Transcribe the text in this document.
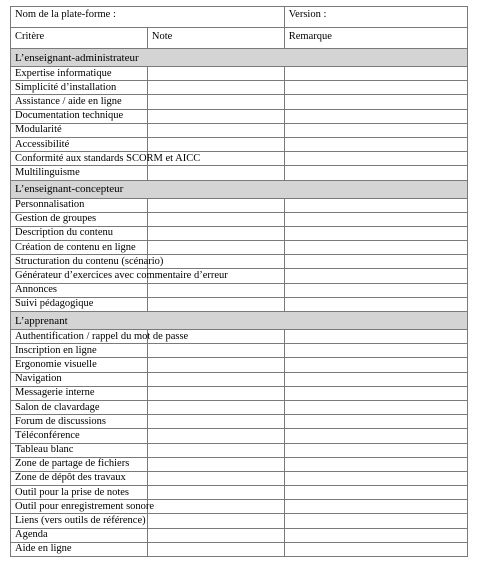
Nom de la plate-forme :		Version :
Critère	Note	Remarque
L’enseignant-administrateur		
Expertise informatique		
Simplicité d’installation		
Assistance / aide en ligne		
Documentation technique		
Modularité		
Accessibilité		
Conformité aux standards SCORM et AICC		
Multilinguisme		
L’enseignant-concepteur		
Personnalisation		
Gestion de groupes		
Description du contenu		
Création de contenu en ligne		
Structuration du contenu (scénario)		
Générateur d’exercices avec commentaire d’erreur		
Annonces		
Suivi pédagogique		
L’apprenant		
Authentification / rappel du mot de passe		
Inscription en ligne		
Ergonomie visuelle		
Navigation		
Messagerie interne		
Salon de clavardage		
Forum de discussions		
Téléconférence		
Tableau blanc		
Zone de partage de fichiers		
Zone de dépôt des travaux		
Outil pour la prise de notes		
Outil pour enregistrement sonore		
Liens (vers outils de référence)		
Agenda		
Aide en ligne		
